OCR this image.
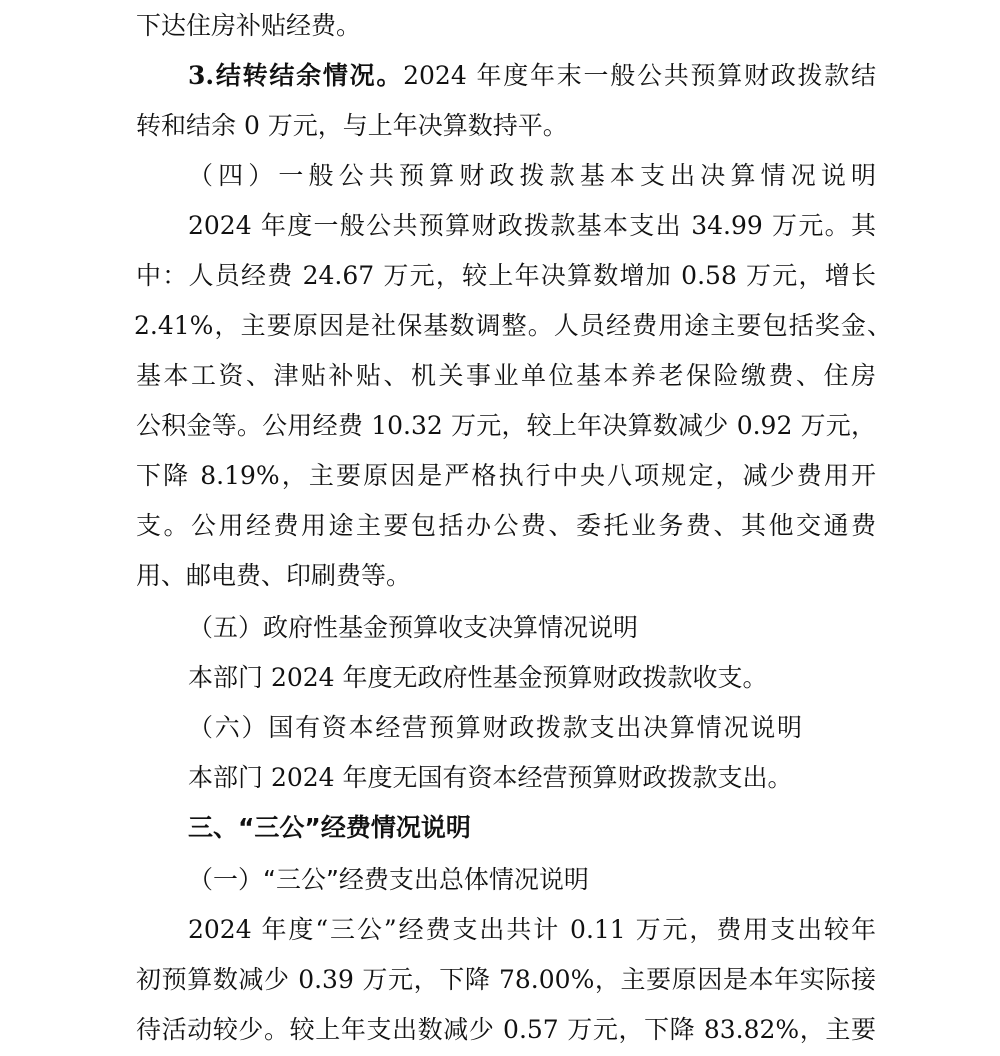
下达住房补贴经费。
3.结转结余情况。2024 年度年末一般公共预算财政拨款结
转和结余 0 万元，与上年决算数持平。
（四）一般公共预算财政拨款基本支出决算情况说明
2024 年度一般公共预算财政拨款基本支出 34.99 万元。其
中：人员经费 24.67 万元，较上年决算数增加 0.58 万元，增长
2.41%，主要原因是社保基数调整。人员经费用途主要包括奖金、
基本工资、津贴补贴、机关事业单位基本养老保险缴费、住房
公积金等。公用经费 10.32 万元，较上年决算数减少 0.92 万元，
下降 8.19%，主要原因是严格执行中央八项规定，减少费用开
支。公用经费用途主要包括办公费、委托业务费、其他交通费
用、邮电费、印刷费等。
（五）政府性基金预算收支决算情况说明
本部门 2024 年度无政府性基金预算财政拨款收支。
（六）国有资本经营预算财政拨款支出决算情况说明
本部门 2024 年度无国有资本经营预算财政拨款支出。
三、“三公”经费情况说明
（一）“三公”经费支出总体情况说明
2024 年度“三公”经费支出共计 0.11 万元，费用支出较年
初预算数减少 0.39 万元，下降 78.00%，主要原因是本年实际接
待活动较少。较上年支出数减少 0.57 万元，下降 83.82%，主要
